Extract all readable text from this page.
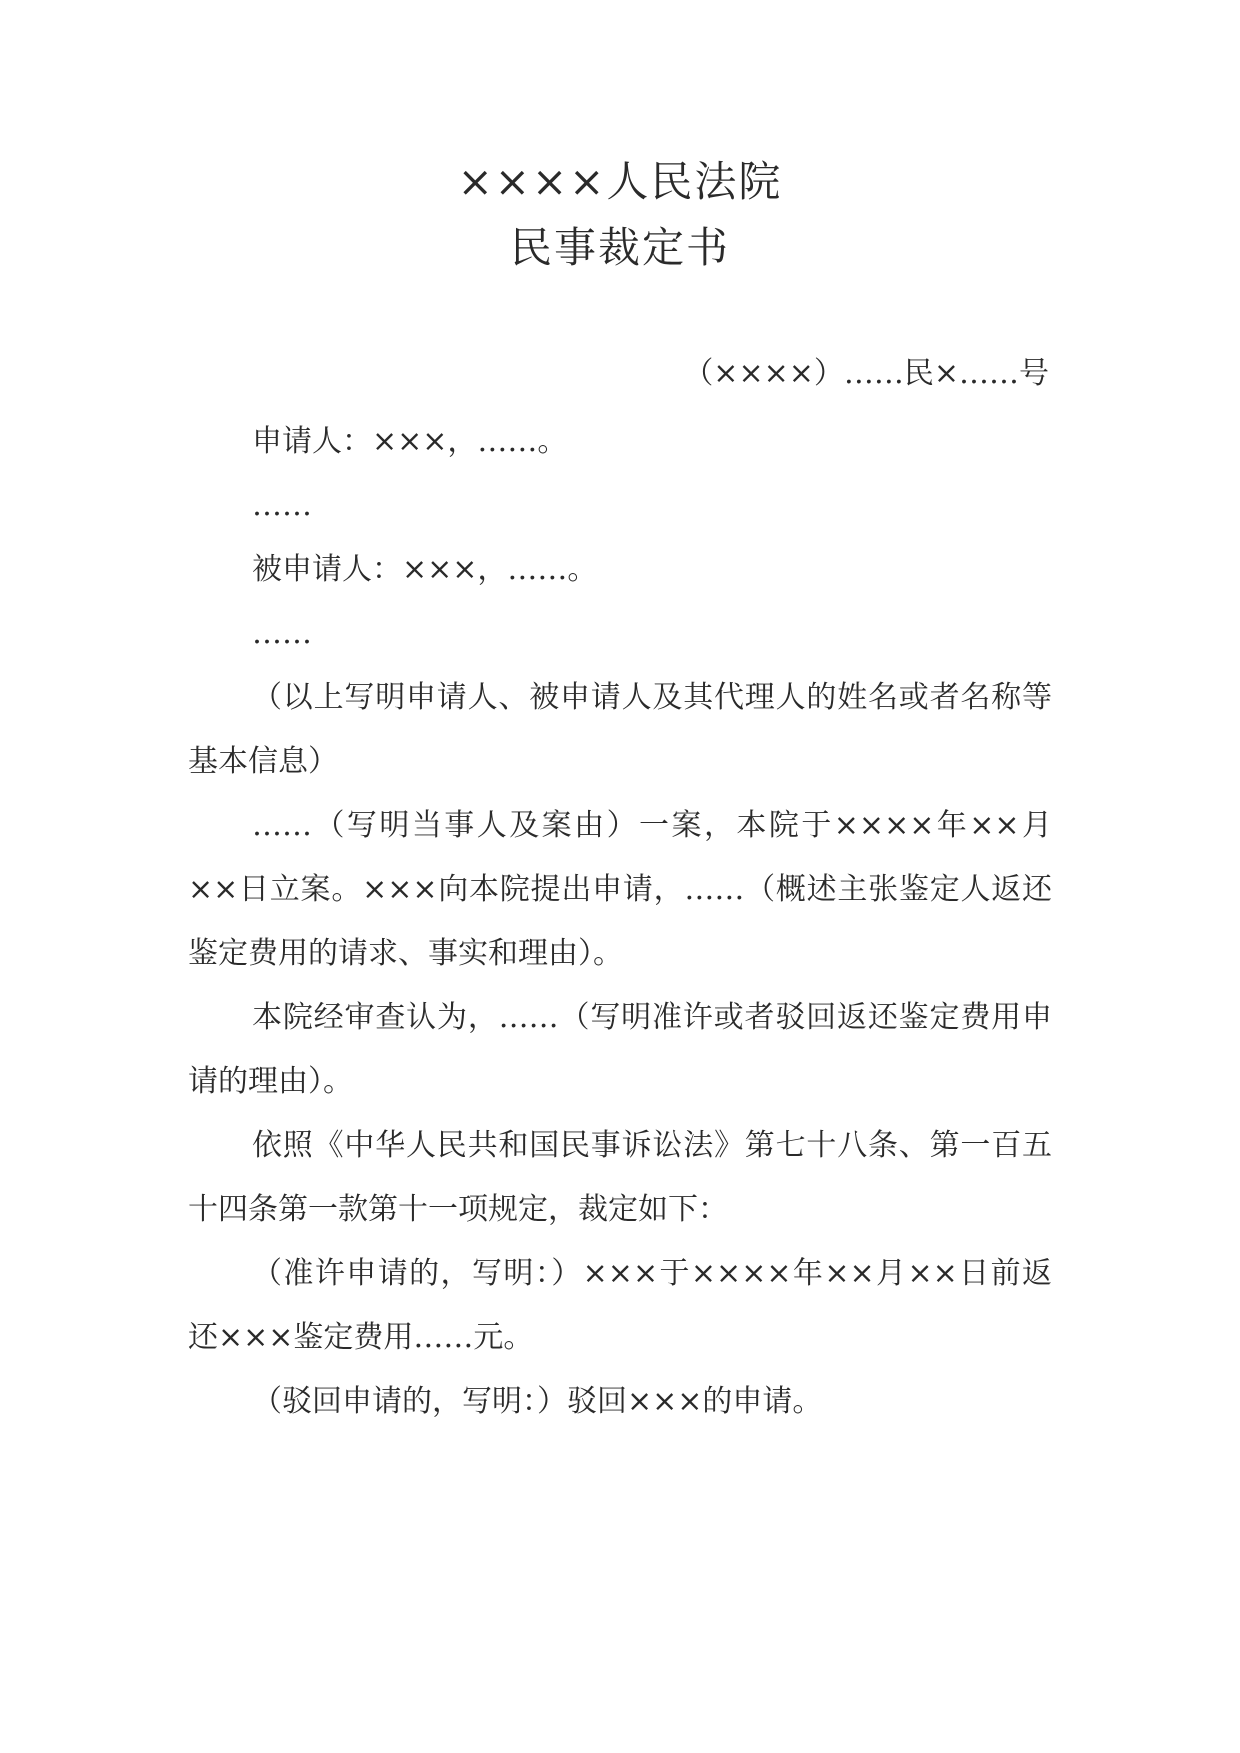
××××人民法院
民事裁定书
（××××）……民×……号

申请人：×××，……。

……

被申请人：×××，……。

……

（以上写明申请人、被申请人及其代理人的姓名或者名称等基本信息）

……（写明当事人及案由）一案，本院于××××年××月××日立案。×××向本院提出申请，……（概述主张鉴定人返还鉴定费用的请求、事实和理由）。

本院经审查认为，……（写明准许或者驳回返还鉴定费用申请的理由）。

依照《中华人民共和国民事诉讼法》第七十八条、第一百五十四条第一款第十一项规定，裁定如下：

（准许申请的，写明：）×××于××××年××月××日前返还×××鉴定费用……元。

（驳回申请的，写明：）驳回×××的申请。
